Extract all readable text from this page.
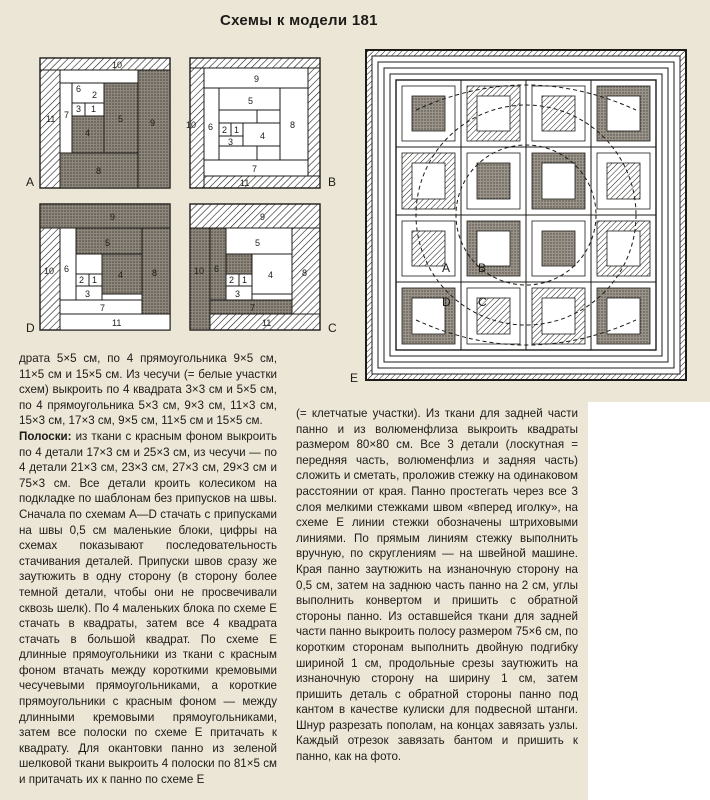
Схемы к модели 181
10
11 7
2
1
3
4
6
5	9
8
A
9
10
5
6 2 1
3
4
8
7
11	B
9
10 6
5
4
2 1
3
8
7
11
D
9
10 6
5
4
2 1
3
8
7
11	C
A
D
B
C
E

драта 5×5 см, по 4 прямоугольника 9×5 см, 11×5 см и 15×5 см. Из чесучи (= белые участки схем) выкроить по 4 квадрата 3×3 см и 5×5 см, по 4 прямоугольника 5×3 см, 9×3 см, 11×3 см, 15×3 см, 17×3 см, 9×5 см, 11×5 см и 15×5 см.

Полоски: из ткани с красным фоном выкроить по 4 детали 17×3 см и 25×3 см, из чесучи — по 4 детали 21×3 см, 23×3 см, 27×3 см, 29×3 см и 75×3 см. Все детали кроить колесиком на подкладке по шаблонам без припусков на швы. Сначала по схемам А—D стачать с припусками на швы 0,5 см маленькие блоки, цифры на схемах показывают последовательность стачивания деталей. Припуски швов сразу же заутюжить в одну сторону (в сторону более темной детали, чтобы они не просвечивали сквозь шелк). По 4 маленьких блока по схеме Е стачать в квадраты, затем все 4 квадрата стачать в большой квадрат. По схеме Е длинные прямоугольники из ткани с красным фоном втачать между короткими кремовыми чесучевыми прямоугольниками, а короткие прямоугольники с красным фоном — между длинными кремовыми прямоугольниками, затем все полоски по схеме Е притачать к квадрату. Для окантовки панно из зеленой шелковой ткани выкроить 4 полоски по 81×5 см и притачать их к панно по схеме Е

(= клетчатые участки). Из ткани для задней части панно и из волюменфлиза выкроить квадраты размером 80×80 см. Все 3 детали (лоскутная = передняя часть, волюменфлиз и задняя часть) сложить и сметать, проложив стежку на одинаковом расстоянии от края. Панно простегать через все 3 слоя мелкими стежками швом «вперед иголку», на схеме Е линии стежки обозначены штриховыми линиями. По прямым линиям стежку выполнить вручную, по скруглениям — на швейной машине. Края панно заутюжить на изнаночную сторону на 0,5 см, затем на заднюю часть панно на 2 см, углы выполнить конвертом и пришить с обратной стороны панно. Из оставшейся ткани для задней части панно выкроить полосу размером 75×6 см, по коротким сторонам выполнить двойную подгибку шириной 1 см, продольные срезы заутюжить на изнаночную сторону на ширину 1 см, затем пришить деталь с обратной стороны панно под кантом в качестве кулиски для подвесной штанги. Шнур разрезать пополам, на концах завязать узлы. Каждый отрезок завязать бантом и пришить к панно, как на фото.
